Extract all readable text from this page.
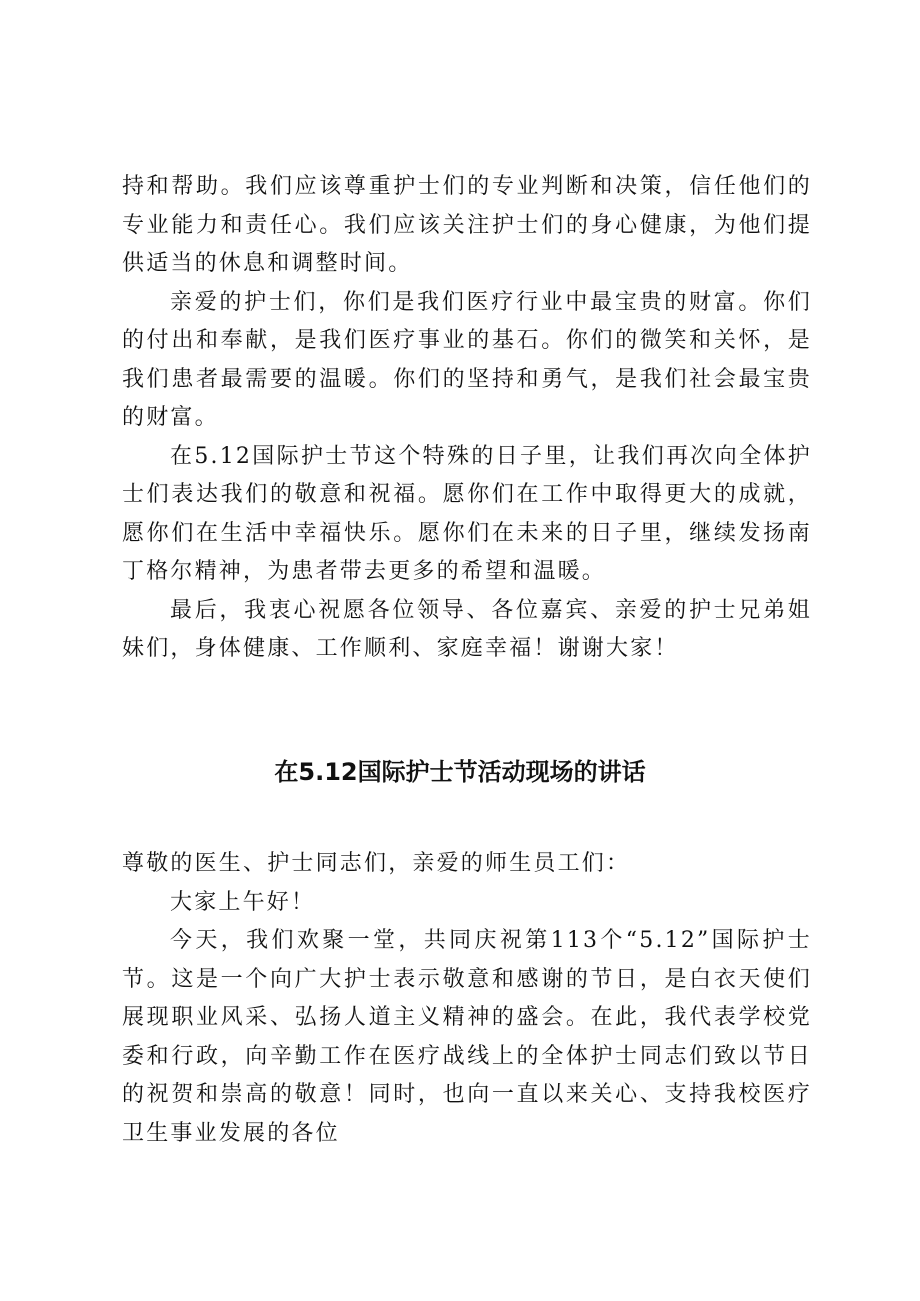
持和帮助。我们应该尊重护士们的专业判断和决策，信任他们的专业能力和责任心。我们应该关注护士们的身心健康，为他们提供适当的休息和调整时间。

亲爱的护士们，你们是我们医疗行业中最宝贵的财富。你们的付出和奉献，是我们医疗事业的基石。你们的微笑和关怀，是我们患者最需要的温暖。你们的坚持和勇气，是我们社会最宝贵的财富。

在5.12国际护士节这个特殊的日子里，让我们再次向全体护士们表达我们的敬意和祝福。愿你们在工作中取得更大的成就，愿你们在生活中幸福快乐。愿你们在未来的日子里，继续发扬南丁格尔精神，为患者带去更多的希望和温暖。

最后，我衷心祝愿各位领导、各位嘉宾、亲爱的护士兄弟姐妹们，身体健康、工作顺利、家庭幸福！谢谢大家！

在5.12国际护士节活动现场的讲话

尊敬的医生、护士同志们，亲爱的师生员工们：

大家上午好！

今天，我们欢聚一堂，共同庆祝第113个“5.12”国际护士节。这是一个向广大护士表示敬意和感谢的节日，是白衣天使们展现职业风采、弘扬人道主义精神的盛会。在此，我代表学校党委和行政，向辛勤工作在医疗战线上的全体护士同志们致以节日的祝贺和崇高的敬意！同时，也向一直以来关心、支持我校医疗卫生事业发展的各位
